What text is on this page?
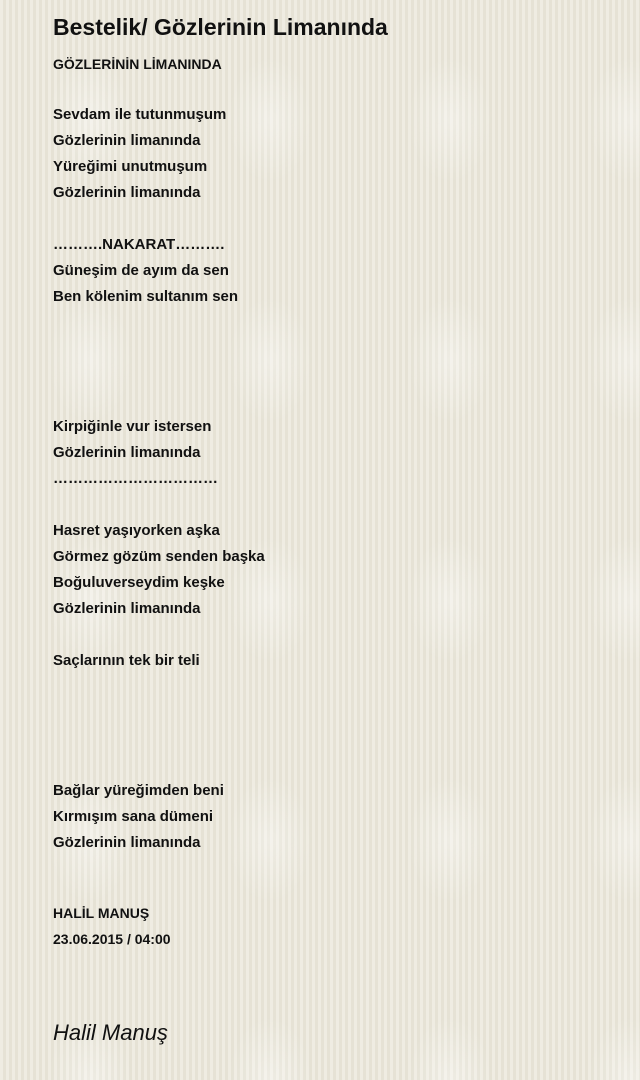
Bestelik/ Gözlerinin Limanında

GÖZLERİNİN LİMANINDA

Sevdam ile tutunmuşum
Gözlerinin limanında
Yüreğimi unutmuşum
Gözlerinin limanında
……….NAKARAT……….
Güneşim de ayım da sen
Ben kölenim sultanım sen
Kirpiğinle vur istersen
Gözlerinin limanında
……………………………
Hasret yaşıyorken aşka
Görmez gözüm senden başka
Boğuluverseydim keşke
Gözlerinin limanında
Saçlarının tek bir teli
Bağlar yüreğimden beni
Kırmışım sana dümeni
Gözlerinin limanında

HALİL MANUŞ

23.06.2015 / 04:00

Halil Manuş
